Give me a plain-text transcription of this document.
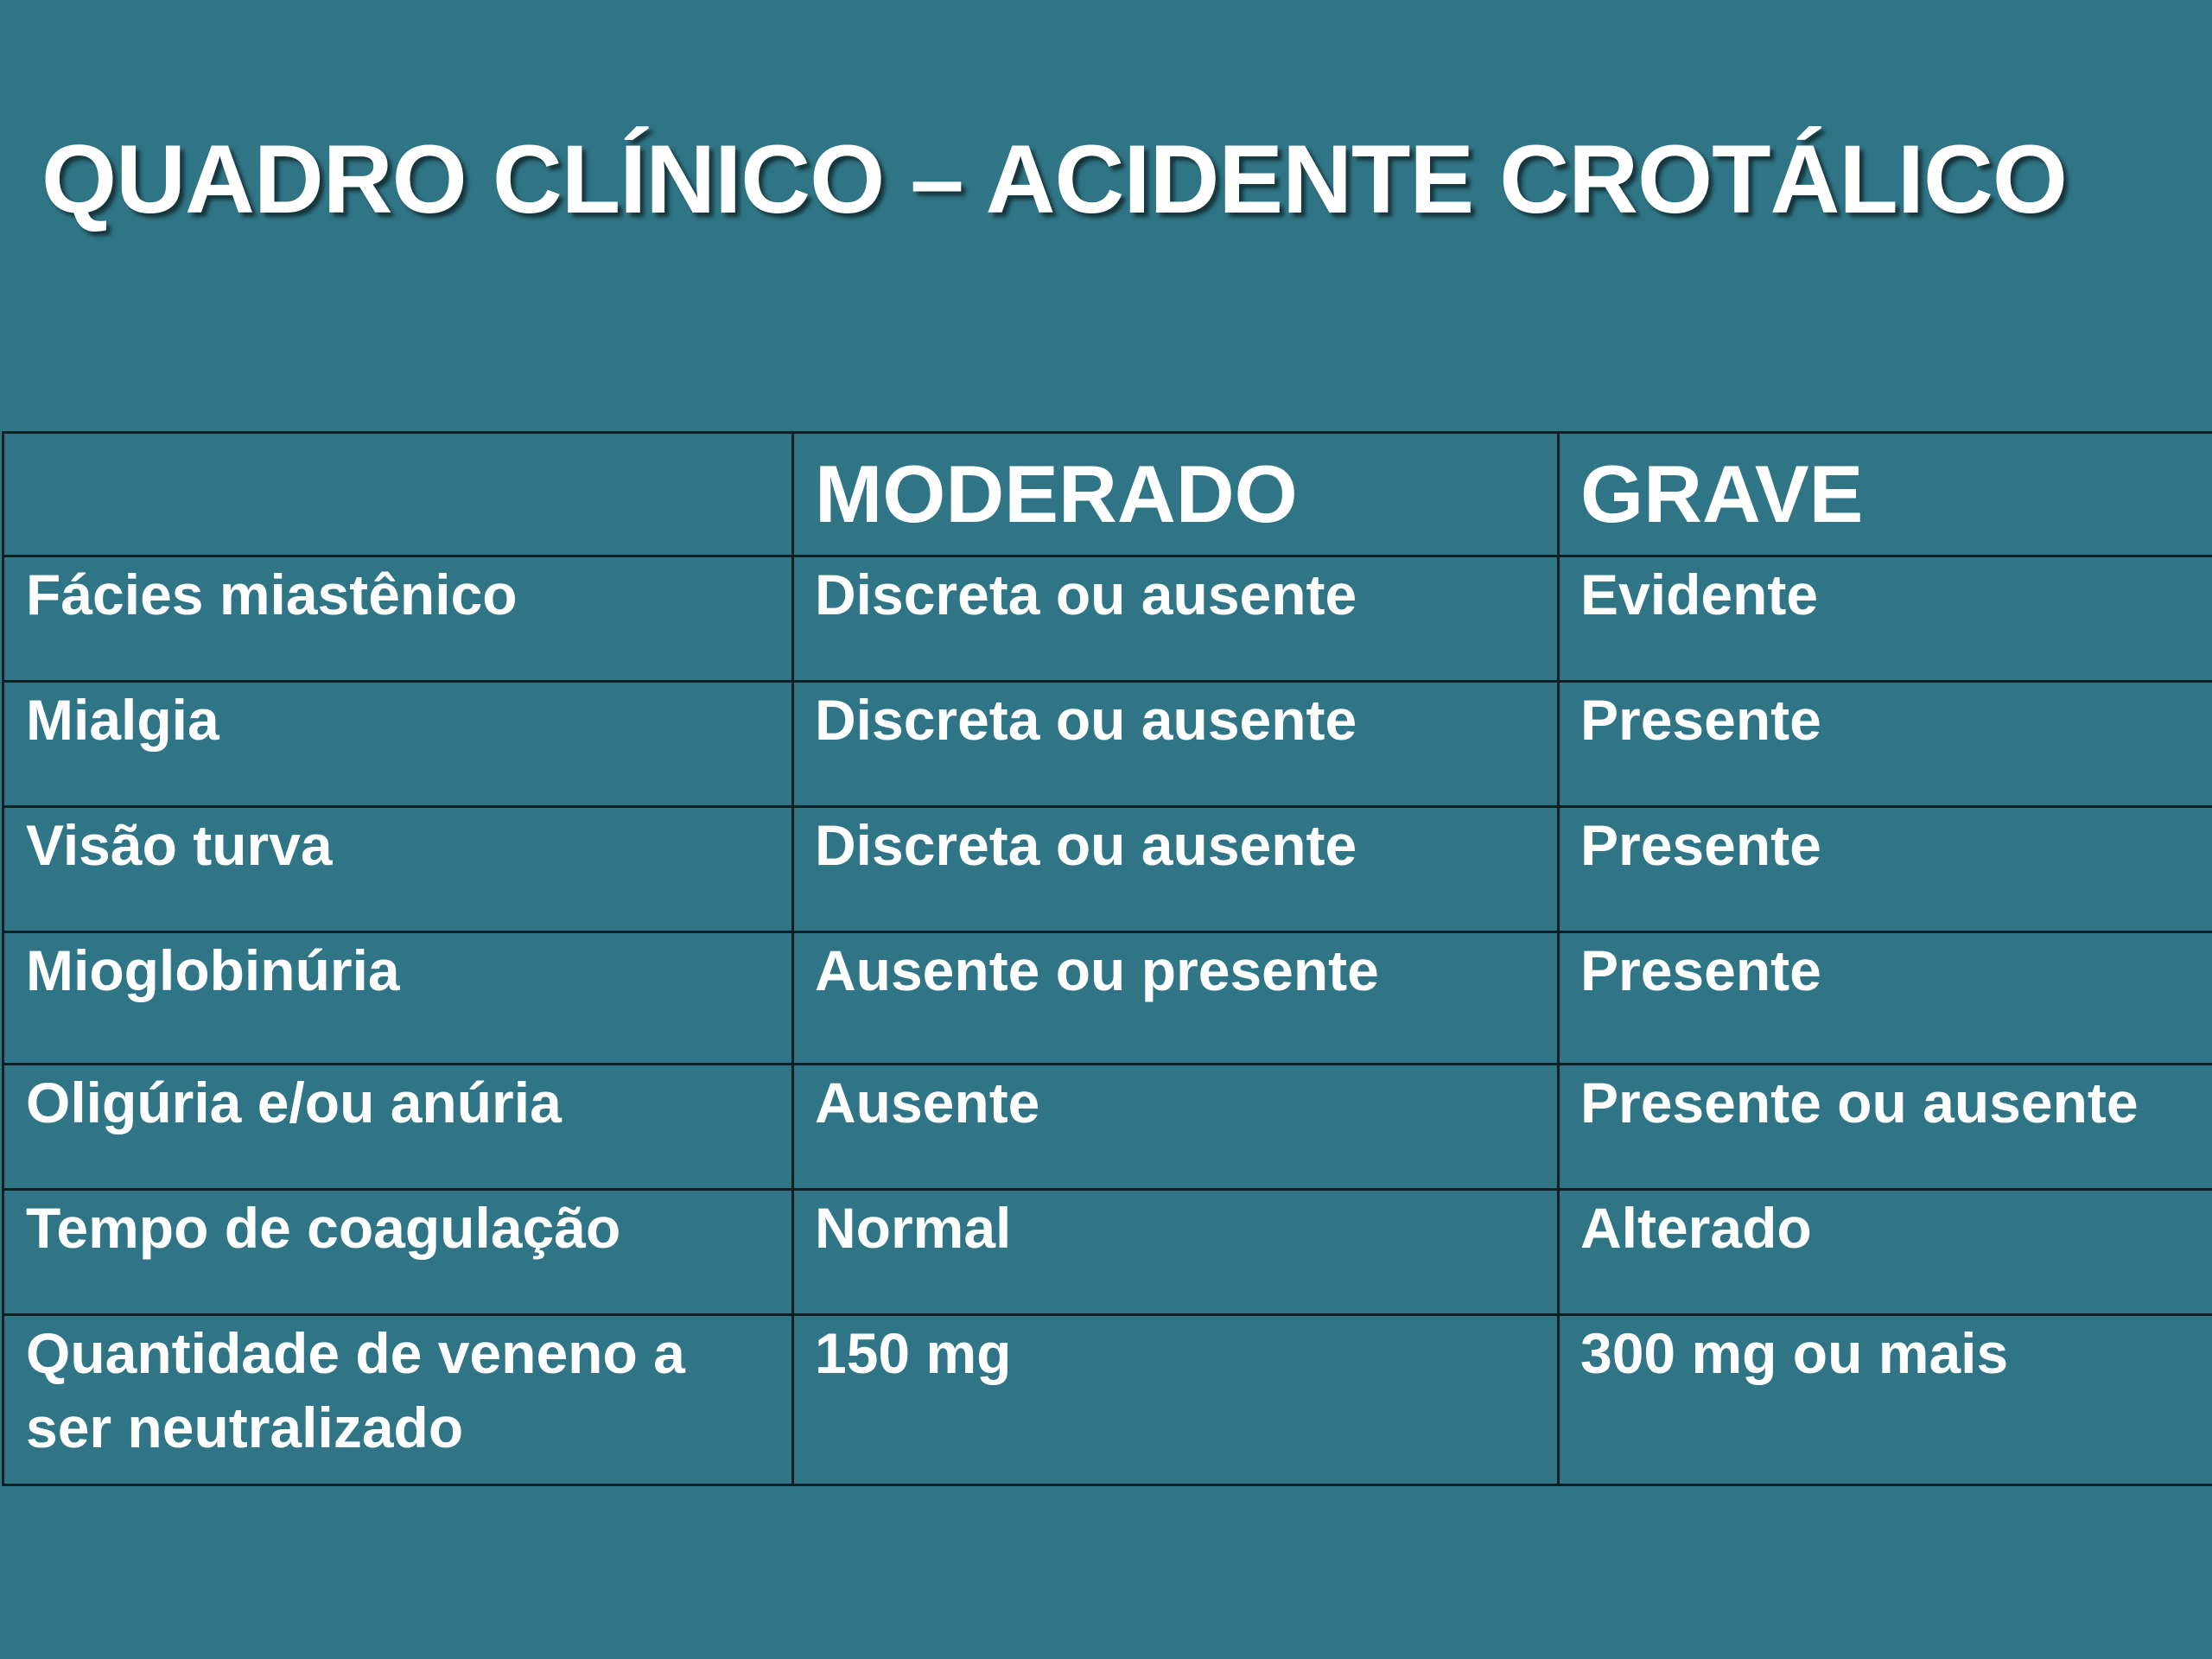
QUADRO CLÍNICO – ACIDENTE CROTÁLICO
	MODERADO	GRAVE

Fácies miastênico	Discreta ou ausente	Evidente

Mialgia	Discreta ou ausente	Presente

Visão turva	Discreta ou ausente	Presente

Mioglobinúria	Ausente ou presente	Presente

Oligúria e/ou anúria	Ausente	Presente ou ausente

Tempo de coagulação	Normal	Alterado

Quantidade de veneno a ser neutralizado	150 mg	300 mg ou mais
